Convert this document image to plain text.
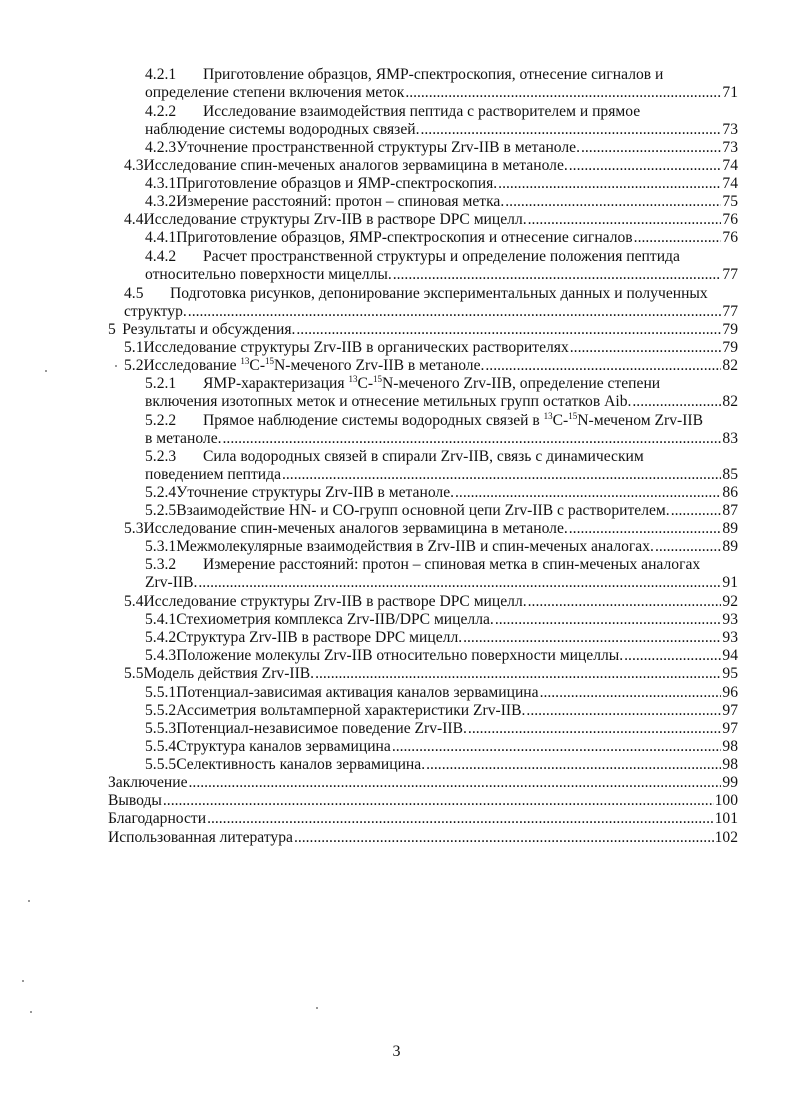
4.2.1	Приготовление образцов, ЯМР-спектроскопия, отнесение сигналов и
определение степени включения меток .....	71
4.2.2	Исследование взаимодействия пептида с растворителем и прямое
наблюдение системы водородных связей. .....	73
4.2.3 Уточнение пространственной структуры Zrv-IIB в метаноле. .....	73
4.3 Исследование спин-меченых аналогов зервамицина в метаноле. .....	74
4.3.1 Приготовление образцов и ЯМР-спектроскопия. .....	74
4.3.2 Измерение расстояний: протон – спиновая метка. .....	75
4.4 Исследование структуры Zrv-IIB в растворе DPC мицелл. .....	76
4.4.1 Приготовление образцов, ЯМР-спектроскопия и отнесение сигналов .....	76
4.4.2	Расчет пространственной структуры и определение положения пептида
относительно поверхности мицеллы. .....	77
4.5	Подготовка рисунков, депонирование экспериментальных данных и полученных
структур. .....	77
5 Результаты и обсуждения. .....	79
5.1 Исследование структуры Zrv-IIB в органических растворителях .....	79
5.2 Исследование $^{13}$C-$^{15}$N-меченого Zrv-IIB в метаноле. .....	82
5.2.1	ЯМР-характеризация $^{13}$C-$^{15}$N-меченого Zrv-IIB, определение степени
включения изотопных меток и отнесение метильных групп остатков Aib. .....	82
5.2.2	Прямое наблюдение системы водородных связей в $^{13}$C-$^{15}$N-меченом Zrv-IIB
в метаноле. .....	83
5.2.3	Сила водородных связей в спирали Zrv-IIB, связь с динамическим
поведением пептида .....	85
5.2.4 Уточнение структуры Zrv-IIB в метаноле. .....	86
5.2.5 Взаимодействие HN- и CO-групп основной цепи Zrv-IIB с растворителем. .....	87
5.3 Исследование спин-меченых аналогов зервамицина в метаноле. .....	89
5.3.1 Межмолекулярные взаимодействия в Zrv-IIB и спин-меченых аналогах. .....	89
5.3.2	Измерение расстояний: протон – спиновая метка в спин-меченых аналогах
Zrv-IIB. .....	91
5.4 Исследование структуры Zrv-IIB в растворе DPC мицелл. .....	92
5.4.1 Стехиометрия комплекса Zrv-IIB/DPC мицелла. .....	93
5.4.2 Структура Zrv-IIB в растворе DPC мицелл. .....	93
5.4.3 Положение молекулы Zrv-IIB относительно поверхности мицеллы. .....	94
5.5 Модель действия Zrv-IIB. .....	95
5.5.1 Потенциал-зависимая активация каналов зервамицина .....	96
5.5.2 Ассиметрия вольтамперной характеристики Zrv-IIB. .....	97
5.5.3 Потенциал-независимое поведение Zrv-IIB. .....	97
5.5.4 Структура каналов зервамицина .....	98
5.5.5 Селективность каналов зервамицина. .....	98
Заключение .....	99
Выводы .....	100
Благодарности .....	101
Использованная литература .....	102
3
